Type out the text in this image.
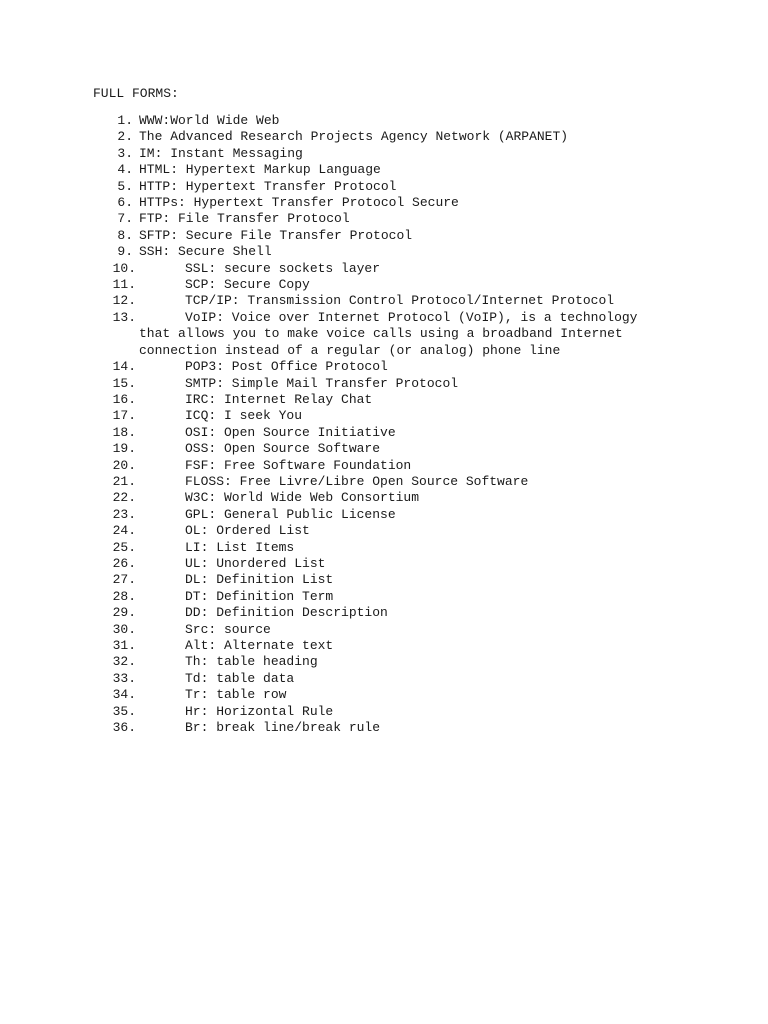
FULL FORMS:
1. WWW:World Wide Web
2. The Advanced Research Projects Agency Network (ARPANET)
3. IM: Instant Messaging
4. HTML: Hypertext Markup Language
5. HTTP: Hypertext Transfer Protocol
6. HTTPs: Hypertext Transfer Protocol Secure
7. FTP: File Transfer Protocol
8. SFTP: Secure File Transfer Protocol
9. SSH: Secure Shell
10.	SSL: secure sockets layer
11.	SCP: Secure Copy
12.	TCP/IP: Transmission Control Protocol/Internet Protocol
13.	VoIP: Voice over Internet Protocol (VoIP), is a technology
that allows you to make voice calls using a broadband Internet
connection instead of a regular (or analog) phone line
14.	POP3: Post Office Protocol
15.	SMTP: Simple Mail Transfer Protocol
16.	IRC: Internet Relay Chat
17.	ICQ: I seek You
18.	OSI: Open Source Initiative
19.	OSS: Open Source Software
20.	FSF: Free Software Foundation
21.	FLOSS: Free Livre/Libre Open Source Software
22.	W3C: World Wide Web Consortium
23.	GPL: General Public License
24.	OL: Ordered List
25.	LI: List Items
26.	UL: Unordered List
27.	DL: Definition List
28.	DT: Definition Term
29.	DD: Definition Description
30.	Src: source
31.	Alt: Alternate text
32.	Th: table heading
33.	Td: table data
34.	Tr: table row
35.	Hr: Horizontal Rule
36.	Br: break line/break rule
